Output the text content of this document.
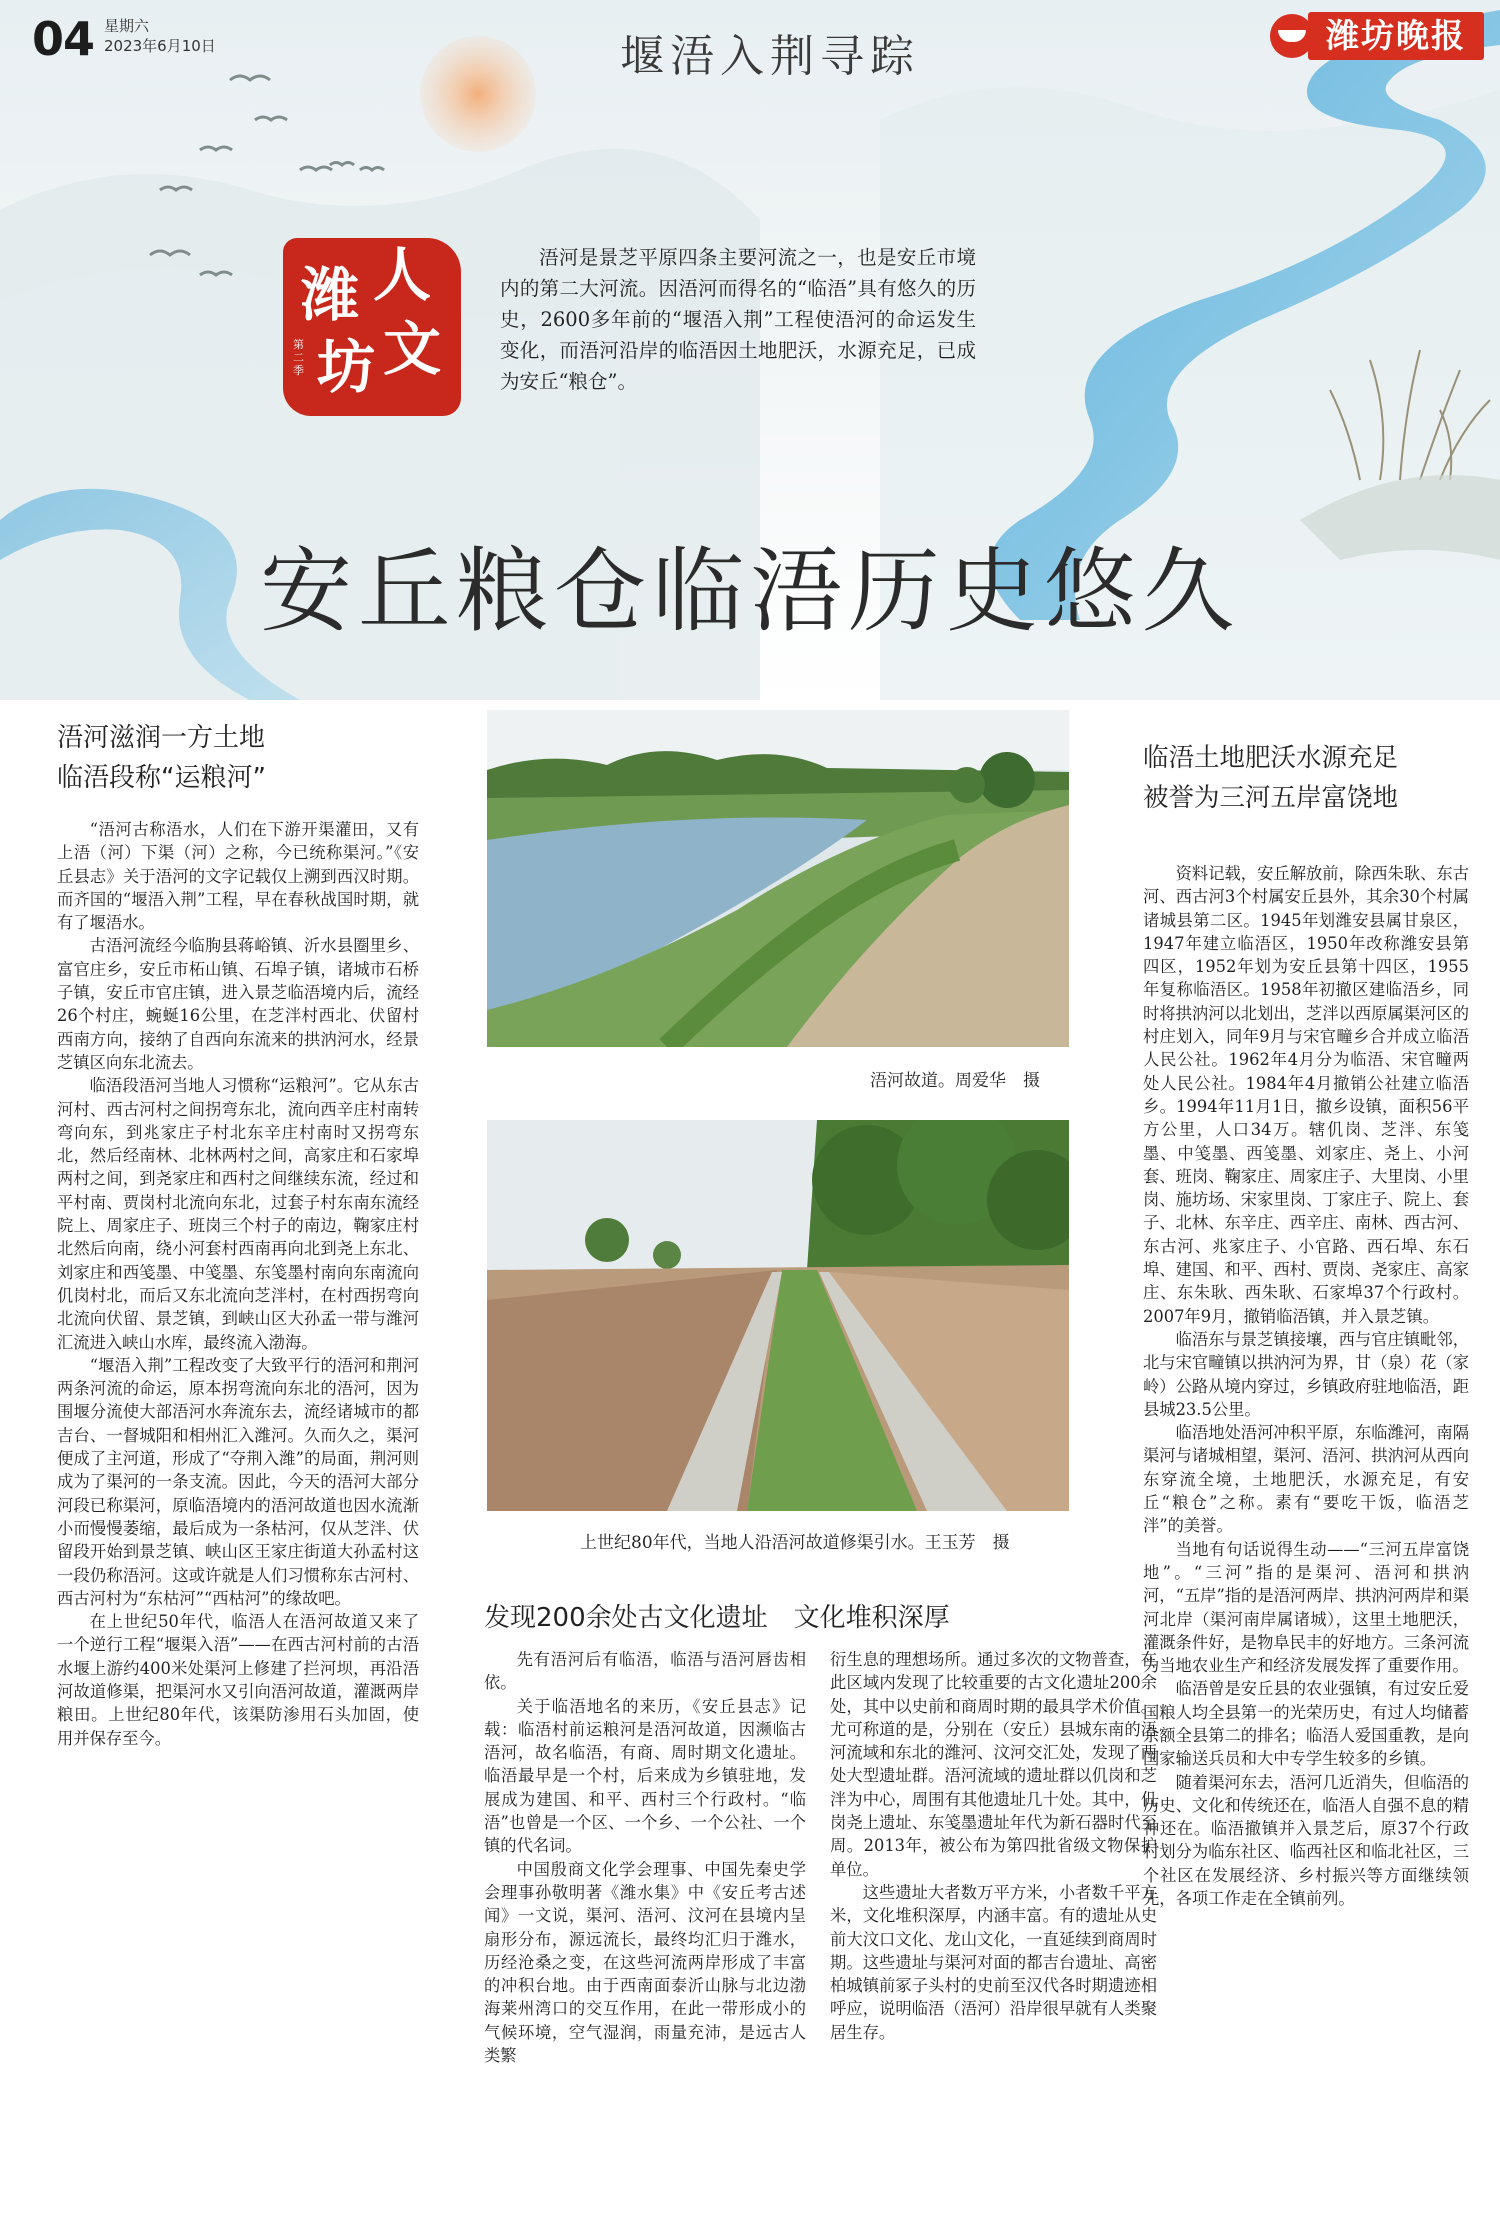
04 星期六
2023年6月10日	堰浯入荆寻踪	潍坊晚报
潍 人
坊 文
第二季
浯河是景芝平原四条主要河流之一，也是安丘市境内的第二大河流。因浯河而得名的“临浯”具有悠久的历史，2600多年前的“堰浯入荆”工程使浯河的命运发生变化，而浯河沿岸的临浯因土地肥沃，水源充足，已成为安丘“粮仓”。
安丘粮仓临浯历史悠久
浯河滋润一方土地
临浯段称“运粮河”

“浯河古称浯水，人们在下游开渠灌田，又有上浯（河）下渠（河）之称，今已统称渠河。”《安丘县志》关于浯河的文字记载仅上溯到西汉时期。而齐国的“堰浯入荆”工程，早在春秋战国时期，就有了堰浯水。

古浯河流经今临朐县蒋峪镇、沂水县圈里乡、富官庄乡，安丘市柘山镇、石埠子镇，诸城市石桥子镇，安丘市官庄镇，进入景芝临浯境内后，流经26个村庄，蜿蜒16公里，在芝泮村西北、伏留村西南方向，接纳了自西向东流来的拱汭河水，经景芝镇区向东北流去。

临浯段浯河当地人习惯称“运粮河”。它从东古河村、西古河村之间拐弯东北，流向西辛庄村南转弯向东，到兆家庄子村北东辛庄村南时又拐弯东北，然后经南林、北林两村之间，高家庄和石家埠两村之间，到尧家庄和西村之间继续东流，经过和平村南、贾岗村北流向东北，过套子村东南东流经院上、周家庄子、班岗三个村子的南边，鞠家庄村北然后向南，绕小河套村西南再向北到尧上东北、刘家庄和西笺墨、中笺墨、东笺墨村南向东南流向仉岗村北，而后又东北流向芝泮村，在村西拐弯向北流向伏留、景芝镇，到峡山区大孙孟一带与潍河汇流进入峡山水库，最终流入渤海。

“堰浯入荆”工程改变了大致平行的浯河和荆河两条河流的命运，原本拐弯流向东北的浯河，因为围堰分流使大部浯河水奔流东去，流经诸城市的都吉台、一督城阳和相州汇入潍河。久而久之，渠河便成了主河道，形成了“夺荆入潍”的局面，荆河则成为了渠河的一条支流。因此，今天的浯河大部分河段已称渠河，原临浯境内的浯河故道也因水流渐小而慢慢萎缩，最后成为一条枯河，仅从芝泮、伏留段开始到景芝镇、峡山区王家庄街道大孙孟村这一段仍称浯河。这或许就是人们习惯称东古河村、西古河村为“东枯河”“西枯河”的缘故吧。

在上世纪50年代，临浯人在浯河故道又来了一个逆行工程“堰渠入浯”——在西古河村前的古浯水堰上游约400米处渠河上修建了拦河坝，再沿浯河故道修渠，把渠河水又引向浯河故道，灌溉两岸粮田。上世纪80年代，该渠防渗用石头加固，使用并保存至今。

浯河故道。周爱华　摄
上世纪80年代，当地人沿浯河故道修渠引水。王玉芳　摄
发现200余处古文化遗址　文化堆积深厚

先有浯河后有临浯，临浯与浯河唇齿相依。

关于临浯地名的来历，《安丘县志》记载：临浯村前运粮河是浯河故道，因濒临古浯河，故名临浯，有商、周时期文化遗址。临浯最早是一个村，后来成为乡镇驻地，发展成为建国、和平、西村三个行政村。“临浯”也曾是一个区、一个乡、一个公社、一个镇的代名词。

中国殷商文化学会理事、中国先秦史学会理事孙敬明著《潍水集》中《安丘考古述闻》一文说，渠河、浯河、汶河在县境内呈扇形分布，源远流长，最终均汇归于潍水，历经沧桑之变，在这些河流两岸形成了丰富的冲积台地。由于西南面泰沂山脉与北边渤海莱州湾口的交互作用，在此一带形成小的气候环境，空气湿润，雨量充沛，是远古人类繁

衍生息的理想场所。通过多次的文物普查，在此区域内发现了比较重要的古文化遗址200余处，其中以史前和商周时期的最具学术价值。尤可称道的是，分别在（安丘）县城东南的浯河流域和东北的潍河、汶河交汇处，发现了两处大型遗址群。浯河流域的遗址群以仉岗和芝泮为中心，周围有其他遗址几十处。其中，仉岗尧上遗址、东笺墨遗址年代为新石器时代至周。2013年，被公布为第四批省级文物保护单位。

这些遗址大者数万平方米，小者数千平方米，文化堆积深厚，内涵丰富。有的遗址从史前大汶口文化、龙山文化，一直延续到商周时期。这些遗址与渠河对面的都吉台遗址、高密柏城镇前冢子头村的史前至汉代各时期遗迹相呼应，说明临浯（浯河）沿岸很早就有人类聚居生存。

临浯土地肥沃水源充足
被誉为三河五岸富饶地

资料记载，安丘解放前，除西朱耿、东古河、西古河3个村属安丘县外，其余30个村属诸城县第二区。1945年划潍安县属甘泉区，1947年建立临浯区，1950年改称潍安县第四区，1952年划为安丘县第十四区，1955年复称临浯区。1958年初撤区建临浯乡，同时将拱汭河以北划出，芝泮以西原属渠河区的村庄划入，同年9月与宋官疃乡合并成立临浯人民公社。1962年4月分为临浯、宋官疃两处人民公社。1984年4月撤销公社建立临浯乡。1994年11月1日，撤乡设镇，面积56平方公里，人口34万。辖仉岗、芝泮、东笺墨、中笺墨、西笺墨、刘家庄、尧上、小河套、班岗、鞠家庄、周家庄子、大里岗、小里岗、施坊场、宋家里岗、丁家庄子、院上、套子、北林、东辛庄、西辛庄、南林、西古河、东古河、兆家庄子、小官路、西石埠、东石埠、建国、和平、西村、贾岗、尧家庄、高家庄、东朱耿、西朱耿、石家埠37个行政村。2007年9月，撤销临浯镇，并入景芝镇。

临浯东与景芝镇接壤，西与官庄镇毗邻，北与宋官疃镇以拱汭河为界，甘（泉）花（家岭）公路从境内穿过，乡镇政府驻地临浯，距县城23.5公里。

临浯地处浯河冲积平原，东临潍河，南隔渠河与诸城相望，渠河、浯河、拱汭河从西向东穿流全境，土地肥沃，水源充足，有安丘“粮仓”之称。素有“要吃干饭，临浯芝泮”的美誉。

当地有句话说得生动——“三河五岸富饶地”。“三河”指的是渠河、浯河和拱汭河，“五岸”指的是浯河两岸、拱汭河两岸和渠河北岸（渠河南岸属诸城），这里土地肥沃，灌溉条件好，是物阜民丰的好地方。三条河流为当地农业生产和经济发展发挥了重要作用。

临浯曾是安丘县的农业强镇，有过安丘爱国粮人均全县第一的光荣历史，有过人均储蓄余额全县第二的排名；临浯人爱国重教，是向国家输送兵员和大中专学生较多的乡镇。

随着渠河东去，浯河几近消失，但临浯的历史、文化和传统还在，临浯人自强不息的精神还在。临浯撤镇并入景芝后，原37个行政村划分为临东社区、临西社区和临北社区，三个社区在发展经济、乡村振兴等方面继续领先，各项工作走在全镇前列。
